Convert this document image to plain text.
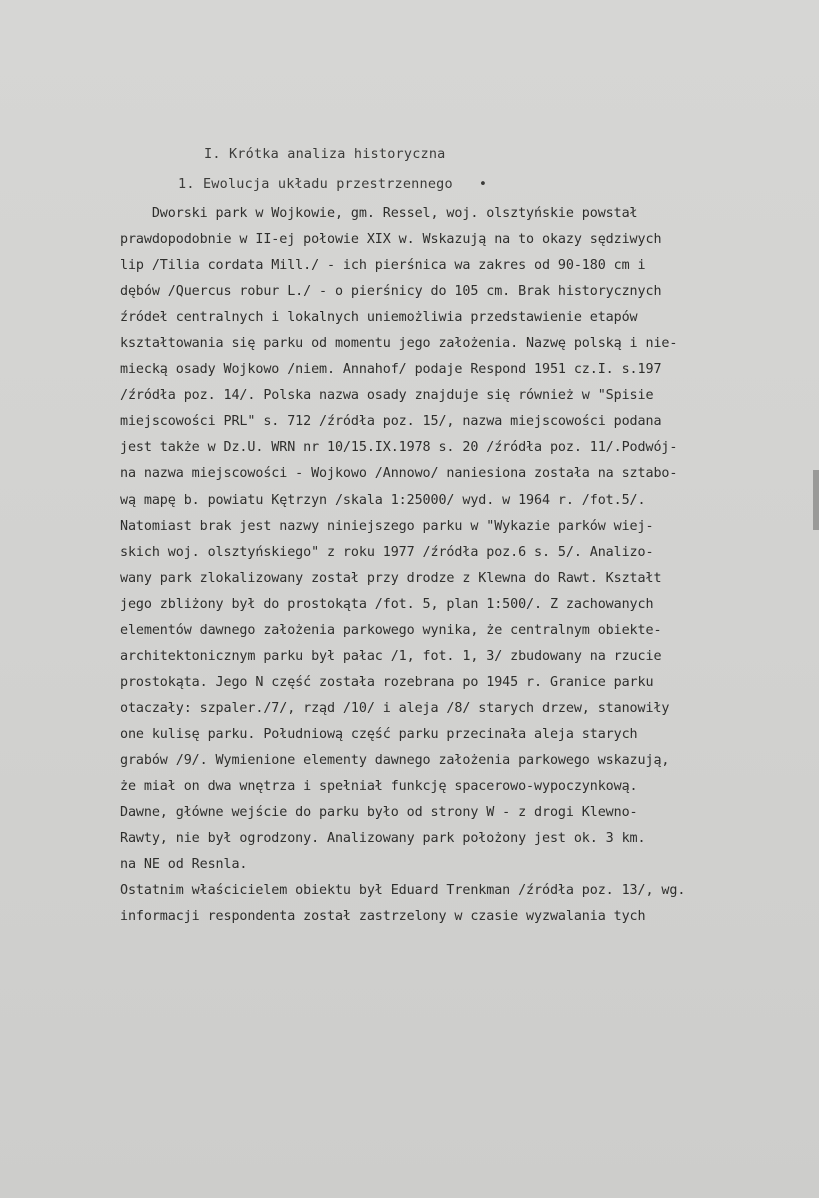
I. Krótka analiza historyczna
1. Ewolucja układu przestrzennego •
Dworski park w Wojkowie, gm. Ressel, woj. olsztyńskie powstał
prawdopodobnie w II-ej połowie XIX w. Wskazują na to okazy sędziwych
lip /Tilia cordata Mill./ - ich pierśnica wa zakres od 90-180 cm i
dębów /Quercus robur L./ - o pierśnicy do 105 cm. Brak historycznych
źródeł centralnych i lokalnych uniemożliwia przedstawienie etapów
kształtowania się parku od momentu jego założenia. Nazwę polską i nie-
miecką osady Wojkowo /niem. Annahof/ podaje Respond 1951 cz.I. s.197
/źródła poz. 14/. Polska nazwa osady znajduje się również w "Spisie
miejscowości PRL" s. 712 /źródła poz. 15/, nazwa miejscowości podana
jest także w Dz.U. WRN nr 10/15.IX.1978 s. 20 /źródła poz. 11/.Podwój-
na nazwa miejscowości - Wojkowo /Annowo/ naniesiona została na sztabo-
wą mapę b. powiatu Kętrzyn /skala 1:25000/ wyd. w 1964 r. /fot.5/.
Natomiast brak jest nazwy niniejszego parku w "Wykazie parków wiej-
skich woj. olsztyńskiego" z roku 1977 /źródła poz.6 s. 5/. Analizo-
wany park zlokalizowany został przy drodze z Klewna do Rawt. Kształt
jego zbliżony był do prostokąta /fot. 5, plan 1:500/. Z zachowanych
elementów dawnego założenia parkowego wynika, że centralnym obiekte-
architektonicznym parku był pałac /1, fot. 1, 3/ zbudowany na rzucie
prostokąta. Jego N część została rozebrana po 1945 r. Granice parku
otaczały: szpaler./7/, rząd /10/ i aleja /8/ starych drzew, stanowiły
one kulisę parku. Południową część parku przecinała aleja starych
grabów /9/. Wymienione elementy dawnego założenia parkowego wskazują,
że miał on dwa wnętrza i spełniał funkcję spacerowo-wypoczynkową.
Dawne, główne wejście do parku było od strony W - z drogi Klewno-
Rawty, nie był ogrodzony. Analizowany park położony jest ok. 3 km.
na NE od Resnla.
Ostatnim właścicielem obiektu był Eduard Trenkman /źródła poz. 13/, wg.
informacji respondenta został zastrzelony w czasie wyzwalania tych
